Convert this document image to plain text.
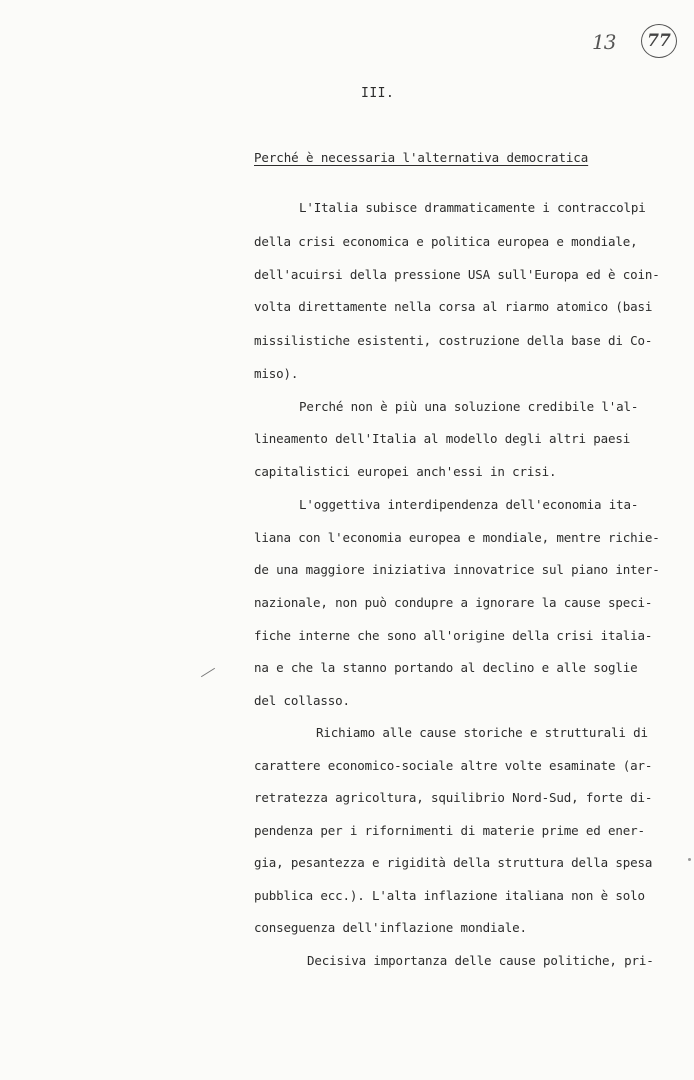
13	77
III.
Perché è necessaria l'alternativa democratica
L'Italia subisce drammaticamente i contraccolpi
della crisi economica e politica europea e mondiale,
dell'acuirsi della pressione USA sull'Europa ed è coin-
volta direttamente nella corsa al riarmo atomico (basi
missilistiche esistenti, costruzione della base di Co-
miso).
Perché non è più una soluzione credibile l'al-
lineamento dell'Italia al modello degli altri paesi
capitalistici europei anch'essi in crisi.
L'oggettiva interdipendenza dell'economia ita-
liana con l'economia europea e mondiale, mentre richie-
de una maggiore iniziativa innovatrice sul piano inter-
nazionale, non può condupre a ignorare la cause speci-
fiche interne che sono all'origine della crisi italia-
na e che la stanno portando al declino e alle soglie
del collasso.
Richiamo alle cause storiche e strutturali di
carattere economico-sociale altre volte esaminate (ar-
retratezza agricoltura, squilibrio Nord-Sud, forte di-
pendenza per i rifornimenti di materie prime ed ener-
gia, pesantezza e rigidità della struttura della spesa
pubblica ecc.). L'alta inflazione italiana non è solo
conseguenza dell'inflazione mondiale.
Decisiva importanza delle cause politiche, pri-
